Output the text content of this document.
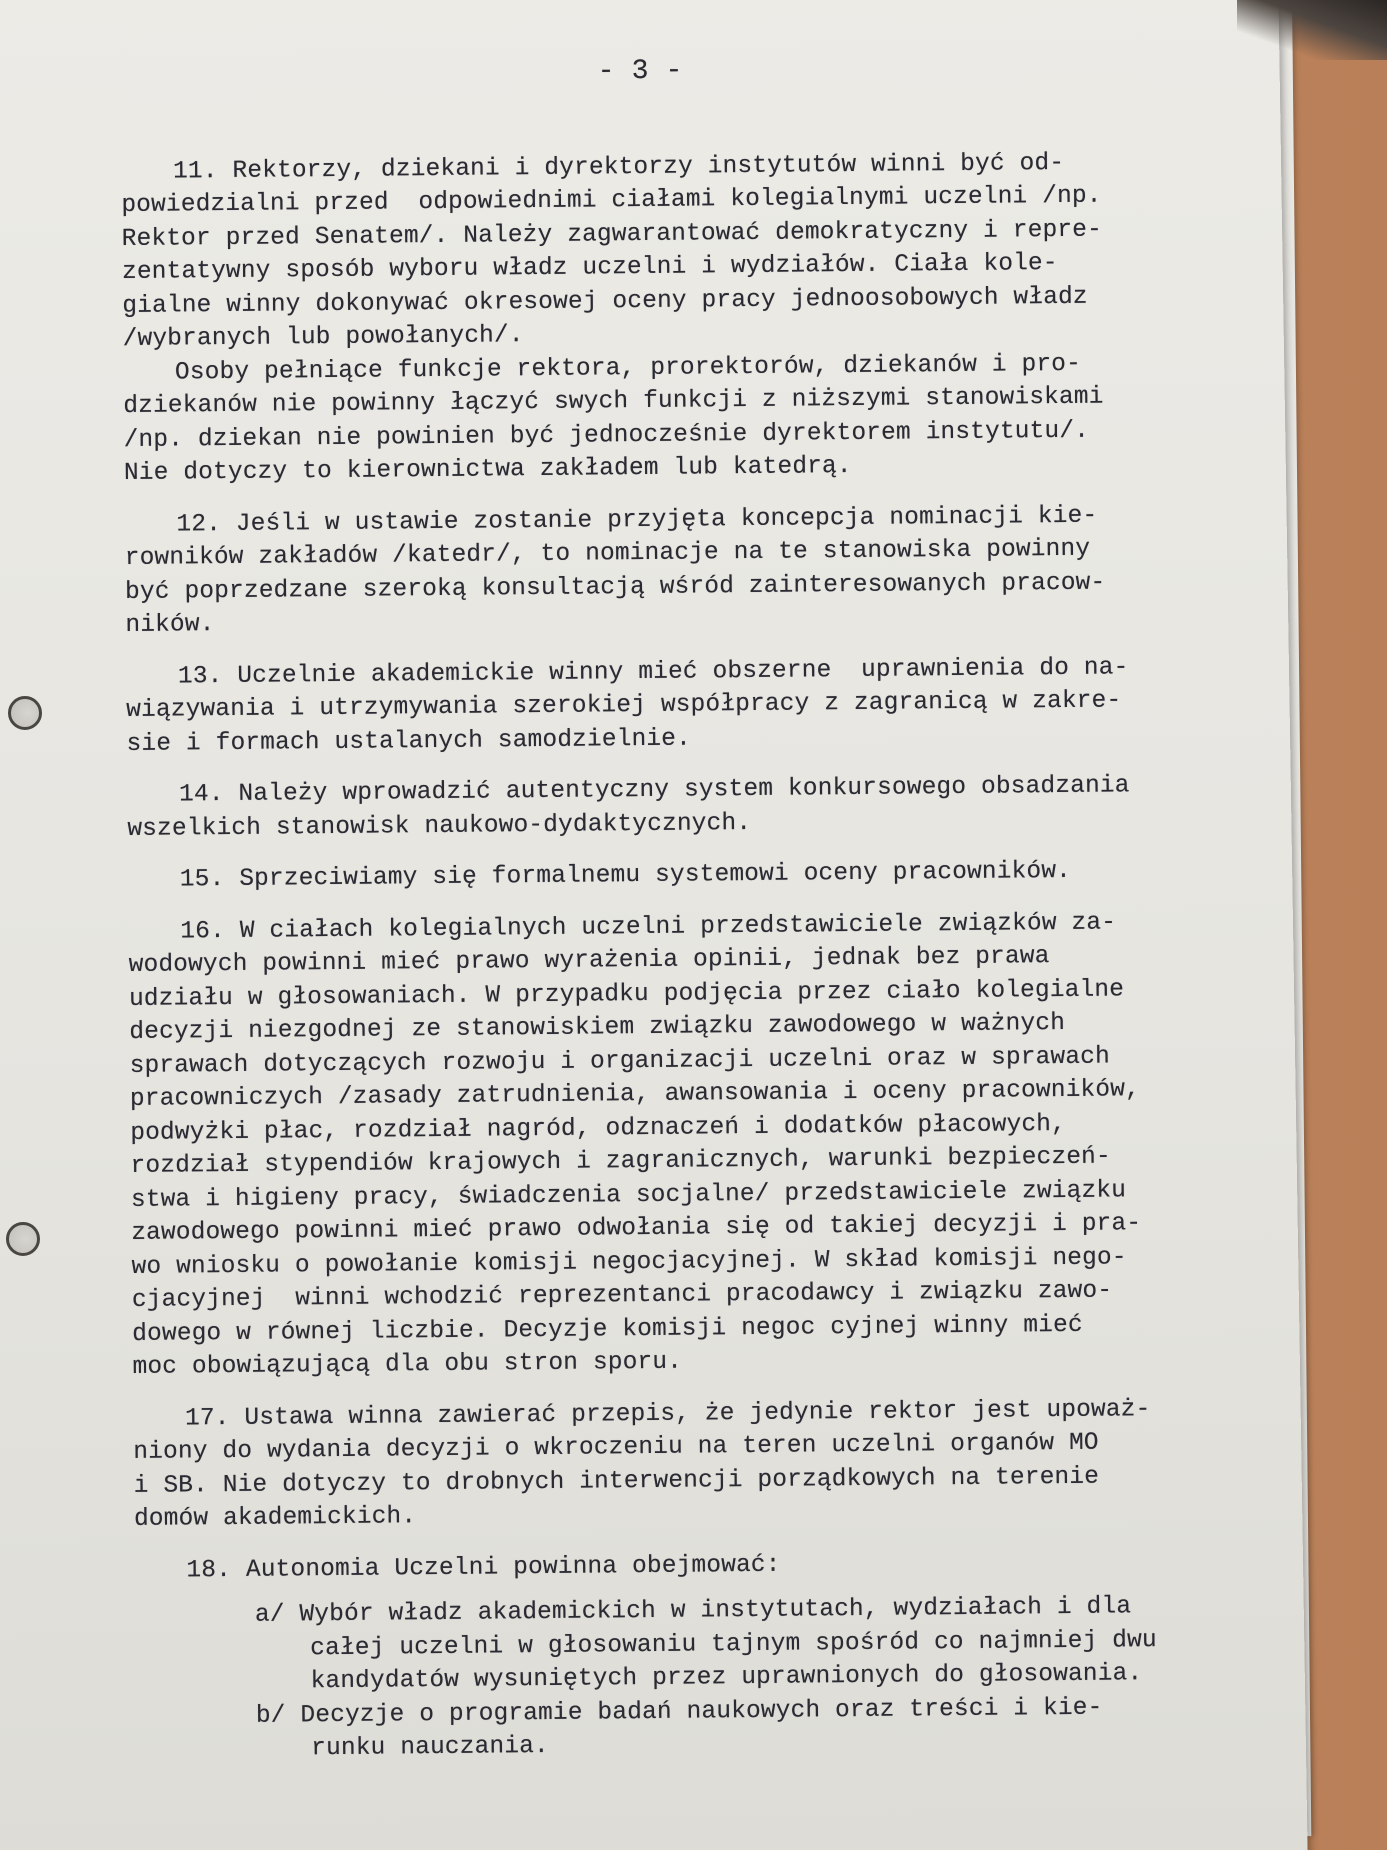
- 3 -
11. Rektorzy, dziekani i dyrektorzy instytutów winni być od-
powiedzialni przed  odpowiednimi ciałami kolegialnymi uczelni /np.
Rektor przed Senatem/. Należy zagwarantować demokratyczny i repre-
zentatywny sposób wyboru władz uczelni i wydziałów. Ciała kole-
gialne winny dokonywać okresowej oceny pracy jednoosobowych władz
/wybranych lub powołanych/.
Osoby pełniące funkcje rektora, prorektorów, dziekanów i pro-
dziekanów nie powinny łączyć swych funkcji z niższymi stanowiskami
/np. dziekan nie powinien być jednocześnie dyrektorem instytutu/.
Nie dotyczy to kierownictwa zakładem lub katedrą.
12. Jeśli w ustawie zostanie przyjęta koncepcja nominacji kie-
rowników zakładów /katedr/, to nominacje na te stanowiska powinny
być poprzedzane szeroką konsultacją wśród zainteresowanych pracow-
ników.
13. Uczelnie akademickie winny mieć obszerne  uprawnienia do na-
wiązywania i utrzymywania szerokiej współpracy z zagranicą w zakre-
sie i formach ustalanych samodzielnie.
14. Należy wprowadzić autentyczny system konkursowego obsadzania
wszelkich stanowisk naukowo-dydaktycznych.
15. Sprzeciwiamy się formalnemu systemowi oceny pracowników.
16. W ciałach kolegialnych uczelni przedstawiciele związków za-
wodowych powinni mieć prawo wyrażenia opinii, jednak bez prawa
udziału w głosowaniach. W przypadku podjęcia przez ciało kolegialne
decyzji niezgodnej ze stanowiskiem związku zawodowego w ważnych
sprawach dotyczących rozwoju i organizacji uczelni oraz w sprawach
pracowniczych /zasady zatrudnienia, awansowania i oceny pracowników,
podwyżki płac, rozdział nagród, odznaczeń i dodatków płacowych,
rozdział stypendiów krajowych i zagranicznych, warunki bezpieczeń-
stwa i higieny pracy, świadczenia socjalne/ przedstawiciele związku
zawodowego powinni mieć prawo odwołania się od takiej decyzji i pra-
wo wniosku o powołanie komisji negocjacyjnej. W skład komisji nego-
cjacyjnej  winni wchodzić reprezentanci pracodawcy i związku zawo-
dowego w równej liczbie. Decyzje komisji negoc cyjnej winny mieć
moc obowiązującą dla obu stron sporu.
17. Ustawa winna zawierać przepis, że jedynie rektor jest upoważ-
niony do wydania decyzji o wkroczeniu na teren uczelni organów MO
i SB. Nie dotyczy to drobnych interwencji porządkowych na terenie
domów akademickich.
18. Autonomia Uczelni powinna obejmować:
a/ Wybór władz akademickich w instytutach, wydziałach i dla
całej uczelni w głosowaniu tajnym spośród co najmniej dwu
kandydatów wysuniętych przez uprawnionych do głosowania.
b/ Decyzje o programie badań naukowych oraz treści i kie-
runku nauczania.
